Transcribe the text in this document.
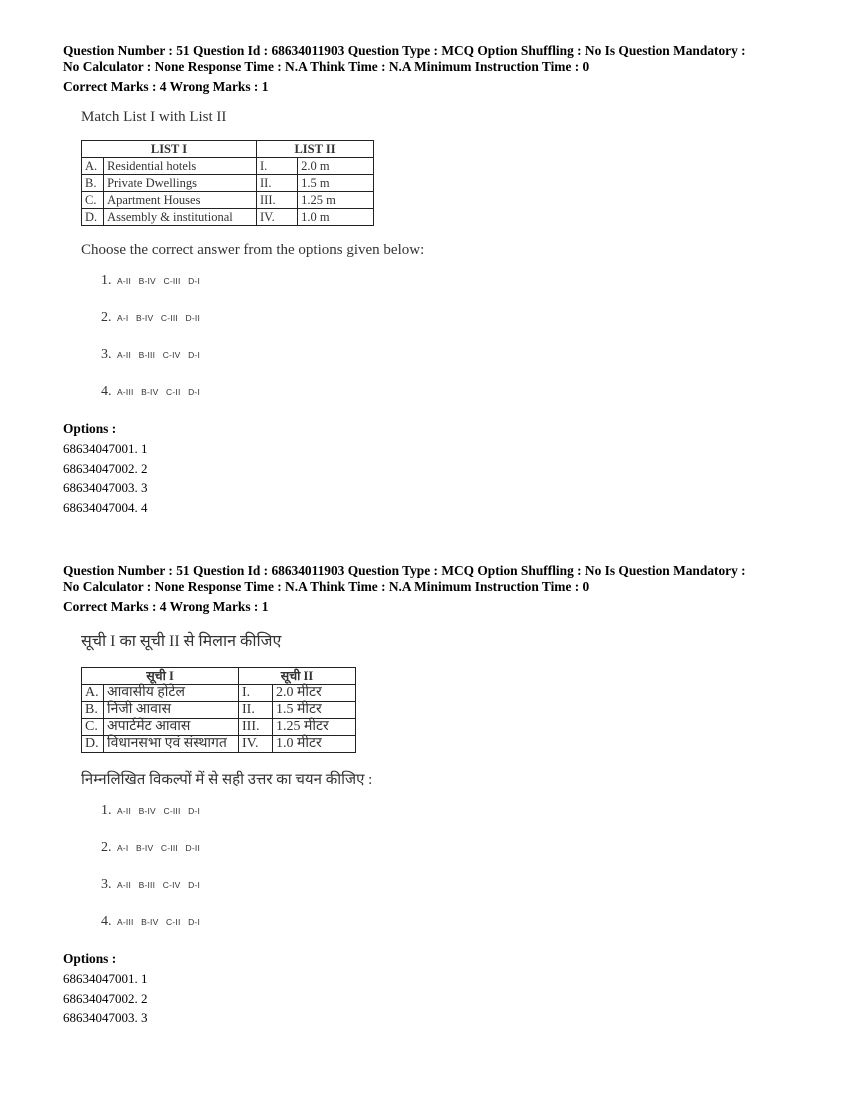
Question Number : 51 Question Id : 68634011903 Question Type : MCQ Option Shuffling : No Is Question Mandatory :
No Calculator : None Response Time : N.A Think Time : N.A Minimum Instruction Time : 0
Correct Marks : 4 Wrong Marks : 1
Match List I with List II
LIST I		LIST II	
A.	Residential hotels	I.	2.0 m
B.	Private Dwellings	II.	1.5 m
C.	Apartment Houses	III.	1.25 m
D.	Assembly & institutional	IV.	1.0 m
Choose the correct answer from the options given below:
1. A-II B-IV C-III D-I
2. A-I B-IV C-III D-II
3. A-II B-III C-IV D-I
4. A-III B-IV C-II D-I
Options :
68634047001. 1
68634047002. 2
68634047003. 3
68634047004. 4
Question Number : 51 Question Id : 68634011903 Question Type : MCQ Option Shuffling : No Is Question Mandatory :
No Calculator : None Response Time : N.A Think Time : N.A Minimum Instruction Time : 0
Correct Marks : 4 Wrong Marks : 1
सूची I का सूची II से मिलान कीजिए
सूची I		सूची II	
A.	आवासीय होटेल	I.	2.0 मीटर
B.	निजी आवास	II.	1.5 मीटर
C.	अपार्टमेंट आवास	III.	1.25 मीटर
D.	विधानसभा एवं संस्थागत	IV.	1.0 मीटर
निम्नलिखित विकल्पों में से सही उत्तर का चयन कीजिए :
1. A-II B-IV C-III D-I
2. A-I B-IV C-III D-II
3. A-II B-III C-IV D-I
4. A-III B-IV C-II D-I
Options :
68634047001. 1
68634047002. 2
68634047003. 3
